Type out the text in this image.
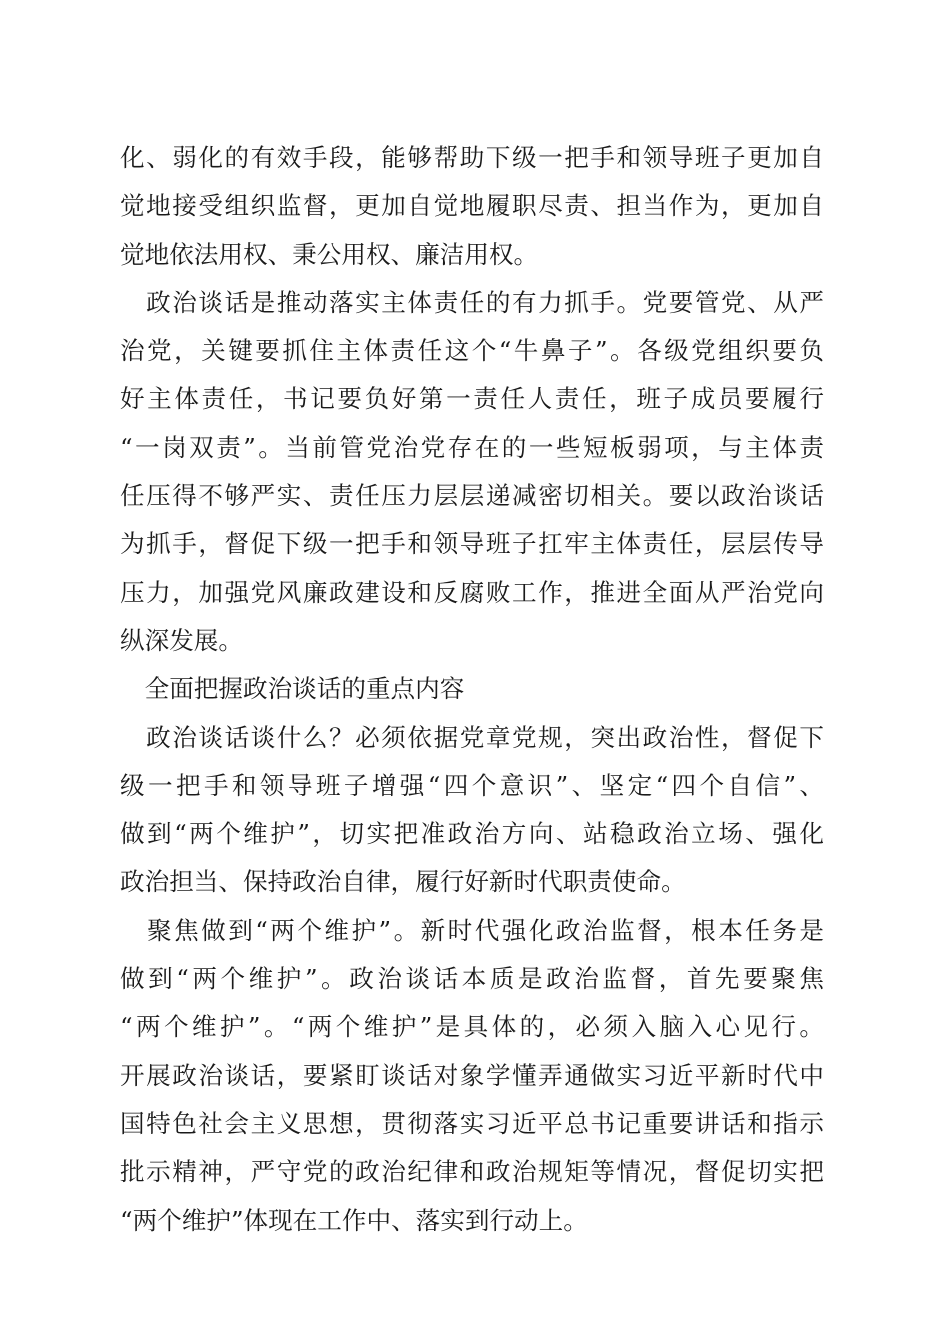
化、弱化的有效手段，能够帮助下级一把手和领导班子更加自
觉地接受组织监督，更加自觉地履职尽责、担当作为，更加自
觉地依法用权、秉公用权、廉洁用权。
　政治谈话是推动落实主体责任的有力抓手。党要管党、从严
治党，关键要抓住主体责任这个“牛鼻子”。各级党组织要负
好主体责任，书记要负好第一责任人责任，班子成员要履行
“一岗双责”。当前管党治党存在的一些短板弱项，与主体责
任压得不够严实、责任压力层层递减密切相关。要以政治谈话
为抓手，督促下级一把手和领导班子扛牢主体责任，层层传导
压力，加强党风廉政建设和反腐败工作，推进全面从严治党向
纵深发展。
　全面把握政治谈话的重点内容
　政治谈话谈什么？必须依据党章党规，突出政治性，督促下
级一把手和领导班子增强“四个意识”、坚定“四个自信”、
做到“两个维护”，切实把准政治方向、站稳政治立场、强化
政治担当、保持政治自律，履行好新时代职责使命。
　聚焦做到“两个维护”。新时代强化政治监督，根本任务是
做到“两个维护”。政治谈话本质是政治监督，首先要聚焦
“两个维护”。“两个维护”是具体的，必须入脑入心见行。
开展政治谈话，要紧盯谈话对象学懂弄通做实习近平新时代中
国特色社会主义思想，贯彻落实习近平总书记重要讲话和指示
批示精神，严守党的政治纪律和政治规矩等情况，督促切实把
“两个维护”体现在工作中、落实到行动上。
